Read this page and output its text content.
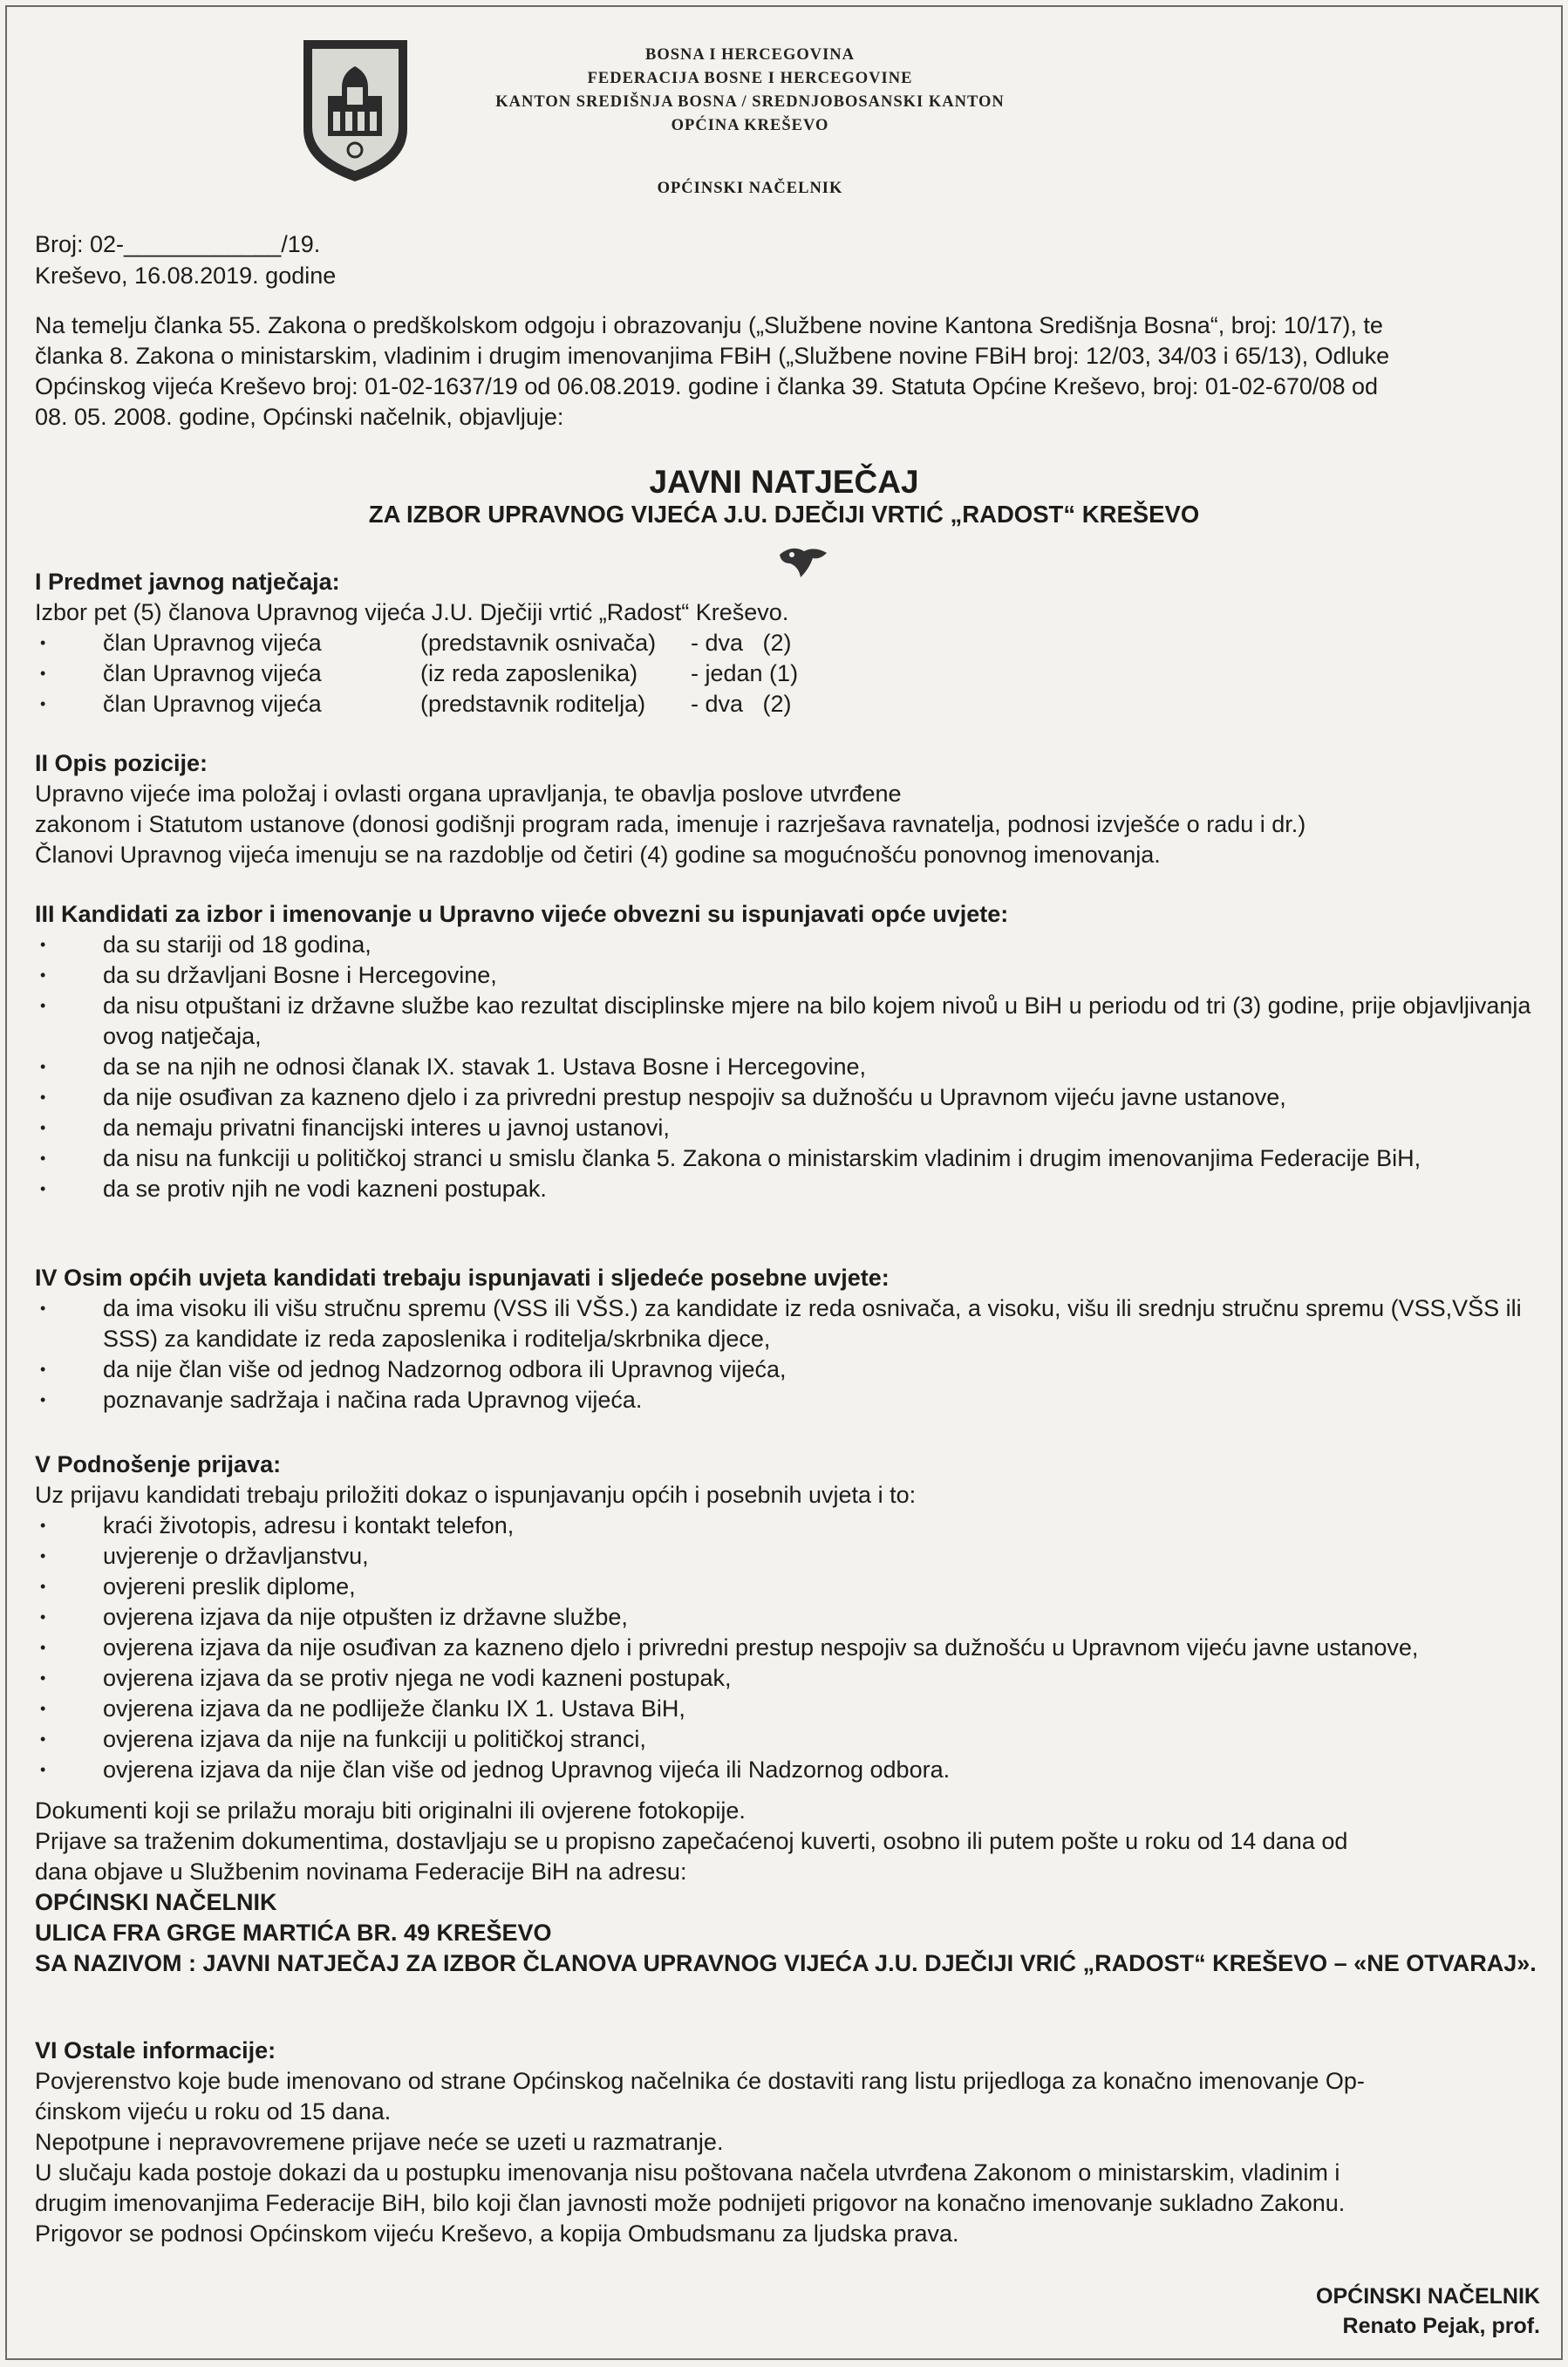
BOSNA I HERCEGOVINA
FEDERACIJA BOSNE I HERCEGOVINE
KANTON SREDIŠNJA BOSNA / SREDNJOBOSANSKI KANTON
OPĆINA KREŠEVO
OPĆINSKI NAČELNIK
Broj: 02-____________/19.
Kreševo, 16.08.2019. godine
Na temelju članka 55. Zakona o predškolskom odgoju i obrazovanju („Službene novine Kantona Središnja Bosna“, broj: 10/17), te
članka 8. Zakona o ministarskim, vladinim i drugim imenovanjima FBiH („Službene novine FBiH broj: 12/03, 34/03 i 65/13), Odluke
Općinskog vijeća Kreševo broj: 01-02-1637/19 od 06.08.2019. godine i članka 39. Statuta Općine Kreševo, broj: 01-02-670/08 od
08. 05. 2008. godine, Općinski načelnik, objavljuje:
JAVNI NATJEČAJ
ZA IZBOR UPRAVNOG VIJEĆA J.U. DJEČIJI VRTIĆ „RADOST“ KREŠEVO
I Predmet javnog natječaja:

Izbor pet (5) članova Upravnog vijeća J.U. Dječiji vrtić „Radost“ Kreševo.

• član Upravnog vijeća	(predstavnik osnivača)	- dva   (2)
• član Upravnog vijeća	(iz reda zaposlenika)	- jedan (1)
• član Upravnog vijeća	(predstavnik roditelja)	- dva   (2)
II Opis pozicije:

Upravno vijeće ima položaj i ovlasti organa upravljanja, te obavlja poslove utvrđene

zakonom i Statutom ustanove (donosi godišnji program rada, imenuje i razrješava ravnatelja, podnosi izvješće o radu i dr.)

Članovi Upravnog vijeća imenuju se na razdoblje od četiri (4) godine sa mogućnošću ponovnog imenovanja.

III Kandidati za izbor i imenovanje u Upravno vijeće obvezni su ispunjavati opće uvjete:
• da su stariji od 18 godina,
• da su državljani Bosne i Hercegovine,
• da nisu otpuštani iz državne službe kao rezultat disciplinske mjere na bilo kojem nivoů u BiH u periodu od tri (3) godine, prije objavljivanja ovog natječaja,
• da se na njih ne odnosi članak IX. stavak 1. Ustava Bosne i Hercegovine,
• da nije osuđivan za kazneno djelo i za privredni prestup nespojiv sa dužnošću u Upravnom vijeću javne ustanove,
• da nemaju privatni financijski interes u javnoj ustanovi,
• da nisu na funkciji u političkoj stranci u smislu članka 5. Zakona o ministarskim vladinim i drugim imenovanjima Federacije BiH,
• da se protiv njih ne vodi kazneni postupak.
IV Osim općih uvjeta kandidati trebaju ispunjavati i sljedeće posebne uvjete:
• da ima visoku ili višu stručnu spremu (VSS ili VŠS.) za kandidate iz reda osnivača, a visoku, višu ili srednju stručnu spremu (VSS,VŠS ili SSS) za kandidate iz reda zaposlenika i roditelja/skrbnika djece,
• da nije član više od jednog Nadzornog odbora ili Upravnog vijeća,
• poznavanje sadržaja i načina rada Upravnog vijeća.
V Podnošenje prijava:

Uz prijavu kandidati trebaju priložiti dokaz o ispunjavanju općih i posebnih uvjeta i to:

• kraći životopis, adresu i kontakt telefon,
• uvjerenje o državljanstvu,
• ovjereni preslik diplome,
• ovjerena izjava da nije otpušten iz državne službe,
• ovjerena izjava da nije osuđivan za kazneno djelo i privredni prestup nespojiv sa dužnošću u Upravnom vijeću javne ustanove,
• ovjerena izjava da se protiv njega ne vodi kazneni postupak,
• ovjerena izjava da ne podliježe članku IX 1. Ustava BiH,
• ovjerena izjava da nije na funkciji u političkoj stranci,
• ovjerena izjava da nije član više od jednog Upravnog vijeća ili Nadzornog odbora.

Dokumenti koji se prilažu moraju biti originalni ili ovjerene fotokopije.

Prijave sa traženim dokumentima, dostavljaju se u propisno zapečaćenoj kuverti, osobno ili putem pošte u roku od 14 dana od

dana objave u Službenim novinama Federacije BiH na adresu:

OPĆINSKI NAČELNIK

ULICA FRA GRGE MARTIĆA BR. 49 KREŠEVO

SA NAZIVOM : JAVNI NATJEČAJ ZA IZBOR ČLANOVA UPRAVNOG VIJEĆA J.U. DJEČIJI VRIĆ „RADOST“ KREŠEVO – «NE OTVARAJ».

VI Ostale informacije:

Povjerenstvo koje bude imenovano od strane Općinskog načelnika će dostaviti rang listu prijedloga za konačno imenovanje Op-

ćinskom vijeću u roku od 15 dana.

Nepotpune i nepravovremene prijave neće se uzeti u razmatranje.

U slučaju kada postoje dokazi da u postupku imenovanja nisu poštovana načela utvrđena Zakonom o ministarskim, vladinim i

drugim imenovanjima Federacije BiH, bilo koji član javnosti može podnijeti prigovor na konačno imenovanje sukladno Zakonu.

Prigovor se podnosi Općinskom vijeću Kreševo, a kopija Ombudsmanu za ljudska prava.

OPĆINSKI NAČELNIK
Renato Pejak, prof.
